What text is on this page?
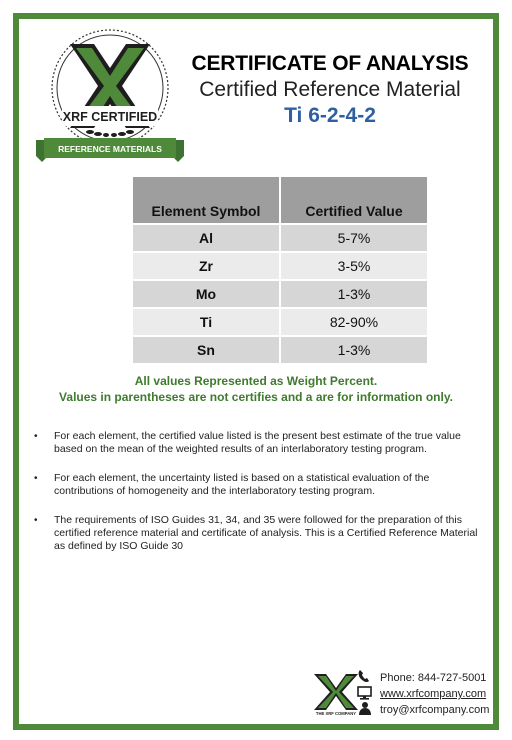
XRF CERTIFIED
REFERENCE MATERIALS
CERTIFICATE OF ANALYSIS
Certified Reference Material
Ti 6-2-4-2
Element Symbol	Certified Value
Al	5-7%
Zr	3-5%
Mo	1-3%
Ti	82-90%
Sn	1-3%
All values Represented as Weight Percent.
Values in parentheses are not certifies and a are for information only.
• For each element, the certified value listed is the present best estimate of the true value based on the mean of the weighted results of an interlaboratory testing program.
• For each element, the uncertainty listed is based on a statistical evaluation of the contributions of homogeneity and the interlaboratory testing program.
• The requirements of ISO Guides 31, 34, and 35 were followed for the preparation of this certified reference material and certificate of analysis. This is a Certified Reference Material as defined by ISO Guide 30
THE XRF COMPANY
Phone: 844-727-5001
www.xrfcompany.com
troy@xrfcompany.com
